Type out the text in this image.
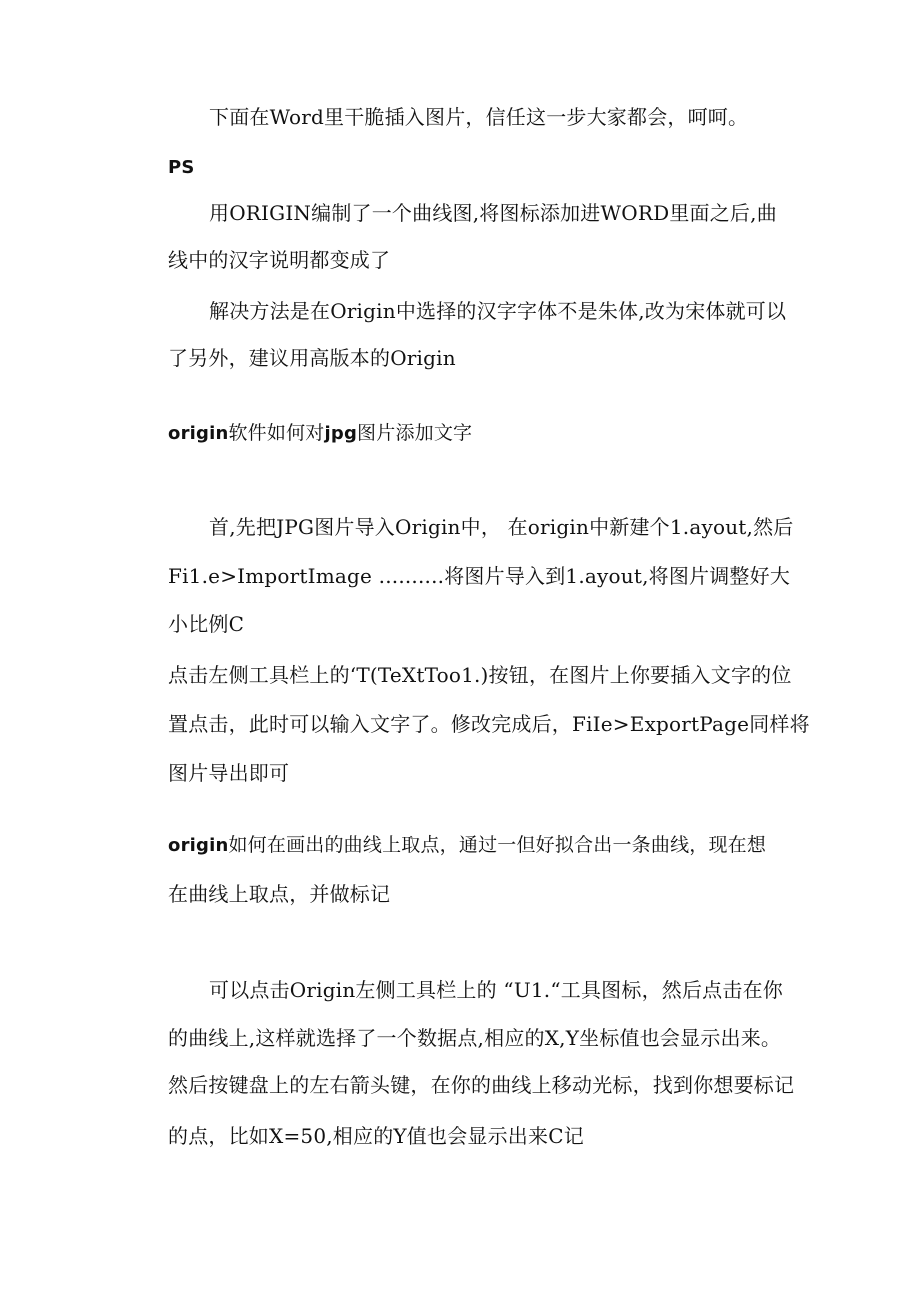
下面在Word里干脆插入图片，信任这一步大家都会，呵呵。
PS
用ORIGIN编制了一个曲线图,将图标添加进WORD里面之后,曲
线中的汉字说明都变成了
解决方法是在Origin中选择的汉字字体不是朱体,改为宋体就可以
了另外，建议用高版本的Origin
origin软件如何对jpg图片添加文字
首,先把JPG图片导入Origin中， 在origin中新建个1.ayout,然后
Fi1.e>ImportImage ..........将图片导入到1.ayout,将图片调整好大
小比例C
点击左侧工具栏上的‘T(TeXtToo1.)按钮，在图片上你要插入文字的位
置点击，此时可以输入文字了。修改完成后，FiIe>ExportPage同样将
图片导出即可
origin如何在画出的曲线上取点，通过一但好拟合出一条曲线，现在想
在曲线上取点，并做标记
可以点击Origin左侧工具栏上的 “U1.“工具图标，然后点击在你
的曲线上,这样就选择了一个数据点,相应的X,Y坐标值也会显示出来。
然后按键盘上的左右箭头键，在你的曲线上移动光标，找到你想要标记
的点，比如X=50,相应的Y值也会显示出来C记
